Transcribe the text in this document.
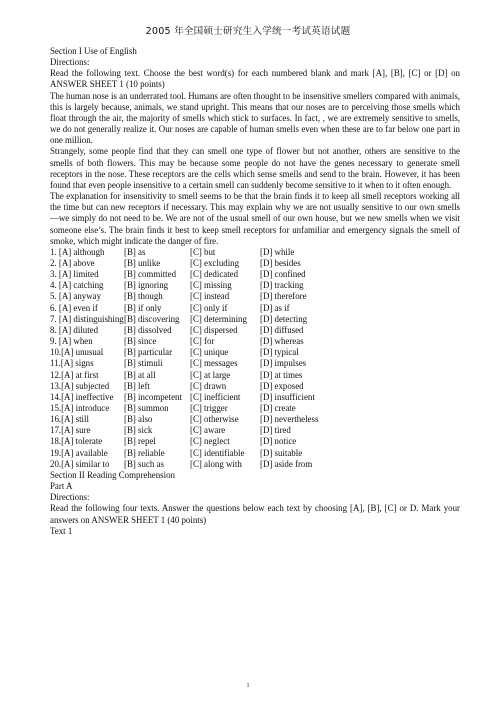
2005 年全国硕士研究生入学统一考试英语试题
Section I Use of English
Directions:
Read the following text. Choose the best word(s) for each numbered blank and mark [A], [B], [C] or [D] on ANSWER SHEET 1 (10 points)
The human nose is an underrated tool. Humans are often thought to be insensitive smellers compared with animals, this is largely because, animals, we stand upright. This means that our noses are to perceiving those smells which float through the air, the majority of smells which stick to surfaces. In fact, , we are extremely sensitive to smells, we do not generally realize it. Our noses are capable of human smells even when these are to far below one part in one million.
Strangely, some people find that they can smell one type of flower but not another, others are sensitive to the smells of both flowers. This may be because some people do not have the genes necessary to generate smell receptors in the nose. These receptors are the cells which sense smells and send to the brain. However, it has been found that even people insensitive to a certain smell can suddenly become sensitive to it when to it often enough.
The explanation for insensitivity to smell seems to be that the brain finds it to keep all smell receptors working all the time but can new receptors if necessary. This may explain why we are not usually sensitive to our own smells—we simply do not need to be. We are not of the usual smell of our own house, but we new smells when we visit someone else’s. The brain finds it best to keep smell receptors for unfamiliar and emergency signals the smell of smoke, which might indicate the danger of fire.
1. [A] although	[B] as	[C] but	[D] while
2. [A] above	[B] unlike	[C] excluding	[D] besides
3. [A] limited	[B] committed	[C] dedicated	[D] confined
4. [A] catching	[B] ignoring	[C] missing	[D] tracking
5. [A] anyway	[B] though	[C] instead	[D] therefore
6. [A] even if	[B] if only	[C] only if	[D] as if
7. [A] distinguishing [B] discovering	[C] determining	[D] detecting
8. [A] diluted	[B] dissolved	[C] dispersed	[D] diffused
9. [A] when	[B] since	[C] for	[D] whereas
10.[A] unusual	[B] particular	[C] unique	[D] typical
11.[A] signs	[B] stimuli	[C] messages	[D] impulses
12.[A] at first	[B] at all	[C] at large	[D] at times
13.[A] subjected	[B] left	[C] drawn	[D] exposed
14.[A] ineffective	[B] incompetent [C] inefficient	[D] insufficient
15.[A] introduce	[B] summon	[C] trigger	[D] create
16.[A] still	[B] also	[C] otherwise	[D] nevertheless
17.[A] sure	[B] sick	[C] aware	[D] tired
18.[A] tolerate	[B] repel	[C] neglect	[D] notice
19.[A] available	[B] reliable	[C] identifiable	[D] suitable
20.[A] similar to	[B] such as	[C] along with	[D] aside from
Section II Reading Comprehension
Part A
Directions:
Read the following four texts. Answer the questions below each text by choosing [A], [B], [C] or D. Mark your answers on ANSWER SHEET 1 (40 points)
Text 1
1
